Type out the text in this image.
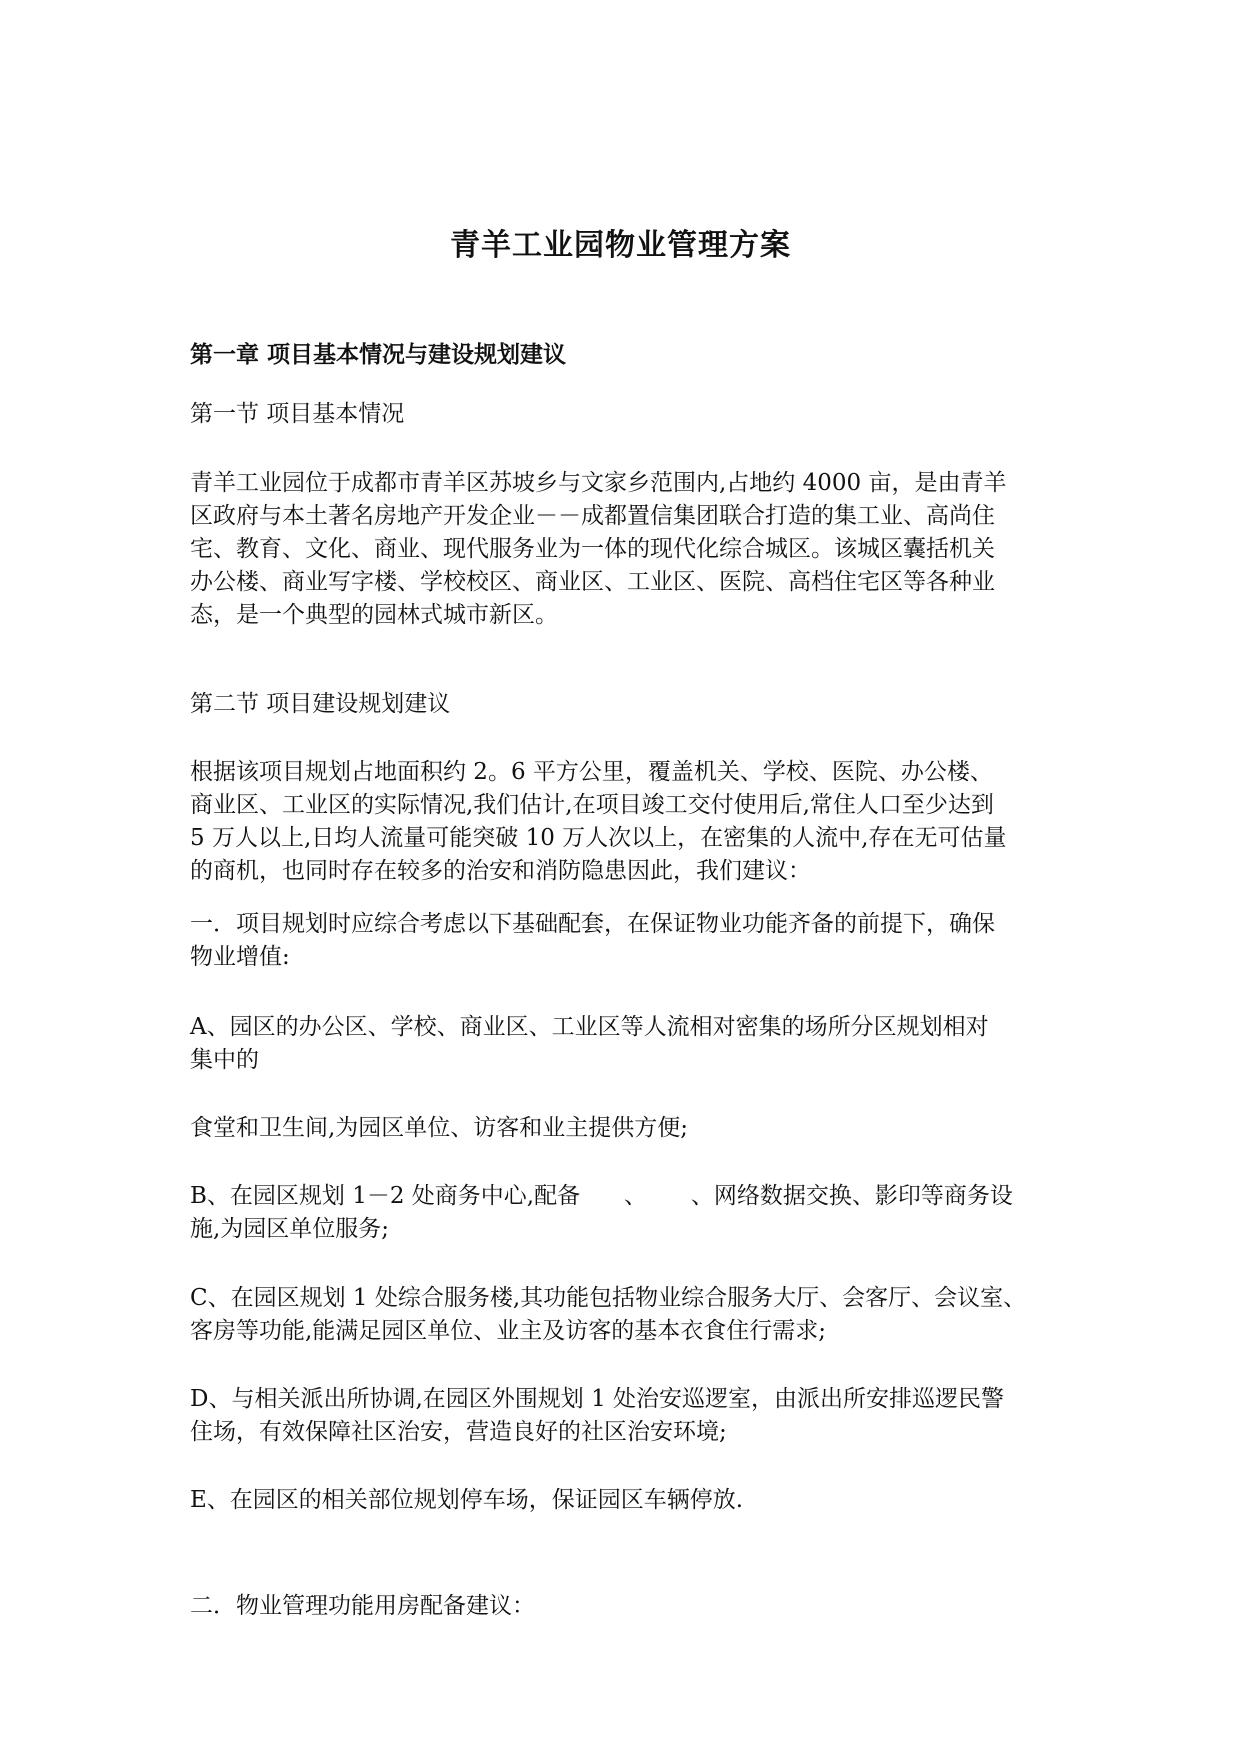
青羊工业园物业管理方案
第一章 项目基本情况与建设规划建议
第一节 项目基本情况
青羊工业园位于成都市青羊区苏坡乡与文家乡范围内,占地约 4000 亩，是由青羊
区政府与本土著名房地产开发企业－－成都置信集团联合打造的集工业、高尚住
宅、教育、文化、商业、现代服务业为一体的现代化综合城区。该城区囊括机关
办公楼、商业写字楼、学校校区、商业区、工业区、医院、高档住宅区等各种业
态，是一个典型的园林式城市新区。
第二节 项目建设规划建议
根据该项目规划占地面积约 2。6 平方公里，覆盖机关、学校、医院、办公楼、
商业区、工业区的实际情况,我们估计,在项目竣工交付使用后,常住人口至少达到
5 万人以上,日均人流量可能突破 10 万人次以上，在密集的人流中,存在无可估量
的商机，也同时存在较多的治安和消防隐患因此，我们建议：
一．项目规划时应综合考虑以下基础配套，在保证物业功能齐备的前提下，确保
物业增值:
A、园区的办公区、学校、商业区、工业区等人流相对密集的场所分区规划相对
集中的
食堂和卫生间,为园区单位、访客和业主提供方便;
B、在园区规划 1－2 处商务中心,配备      、      、网络数据交换、影印等商务设
施,为园区单位服务;
C、在园区规划 1 处综合服务楼,其功能包括物业综合服务大厅、会客厅、会议室、
客房等功能,能满足园区单位、业主及访客的基本衣食住行需求;
D、与相关派出所协调,在园区外围规划 1 处治安巡逻室，由派出所安排巡逻民警
住场，有效保障社区治安，营造良好的社区治安环境;
E、在园区的相关部位规划停车场，保证园区车辆停放.
二．物业管理功能用房配备建议：
